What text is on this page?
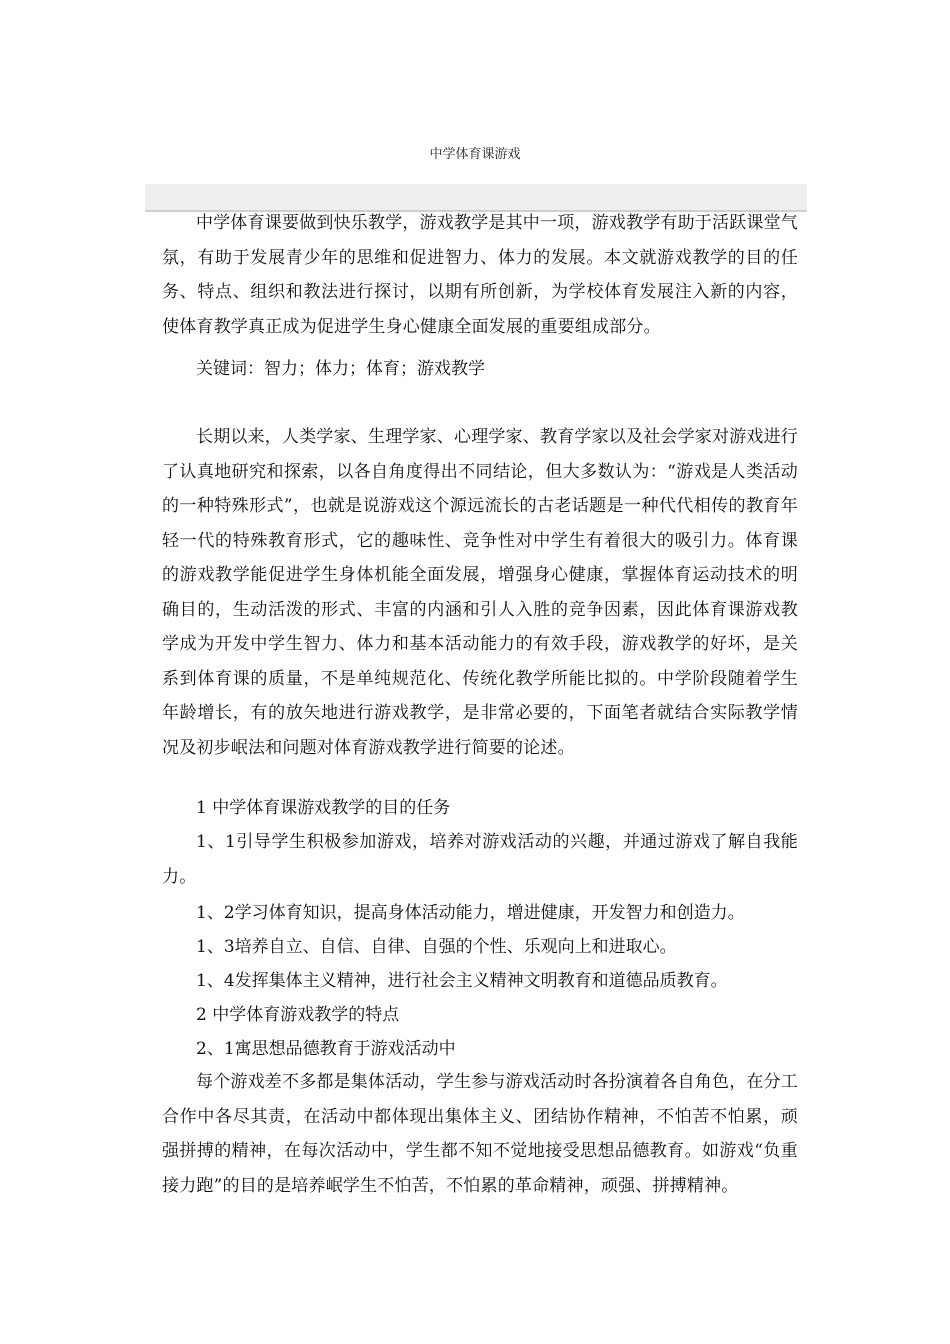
中学体育课游戏

中学体育课要做到快乐教学，游戏教学是其中一项，游戏教学有助于活跃课堂气氛，有助于发展青少年的思维和促进智力、体力的发展。本文就游戏教学的目的任务、特点、组织和教法进行探讨，以期有所创新，为学校体育发展注入新的内容，使体育教学真正成为促进学生身心健康全面发展的重要组成部分。

关键词：智力；体力；体育；游戏教学

长期以来，人类学家、生理学家、心理学家、教育学家以及社会学家对游戏进行了认真地研究和探索，以各自角度得出不同结论，但大多数认为：“游戏是人类活动的一种特殊形式”，也就是说游戏这个源远流长的古老话题是一种代代相传的教育年轻一代的特殊教育形式，它的趣味性、竞争性对中学生有着很大的吸引力。体育课的游戏教学能促进学生身体机能全面发展，增强身心健康，掌握体育运动技术的明确目的，生动活泼的形式、丰富的内涵和引人入胜的竞争因素，因此体育课游戏教学成为开发中学生智力、体力和基本活动能力的有效手段，游戏教学的好坏，是关系到体育课的质量，不是单纯规范化、传统化教学所能比拟的。中学阶段随着学生年龄增长，有的放矢地进行游戏教学，是非常必要的，下面笔者就结合实际教学情况及初步岷法和问题对体育游戏教学进行简要的论述。

1 中学体育课游戏教学的目的任务

1、1引导学生积极参加游戏，培养对游戏活动的兴趣，并通过游戏了解自我能力。

1、2学习体育知识，提高身体活动能力，增进健康，开发智力和创造力。

1、3培养自立、自信、自律、自强的个性、乐观向上和进取心。

1、4发挥集体主义精神，进行社会主义精神文明教育和道德品质教育。

2 中学体育游戏教学的特点

2、1寓思想品德教育于游戏活动中

每个游戏差不多都是集体活动，学生参与游戏活动时各扮演着各自角色，在分工合作中各尽其责，在活动中都体现出集体主义、团结协作精神，不怕苦不怕累，顽强拼搏的精神，在每次活动中，学生都不知不觉地接受思想品德教育。如游戏“负重接力跑”的目的是培养岷学生不怕苦，不怕累的革命精神，顽强、拼搏精神。
